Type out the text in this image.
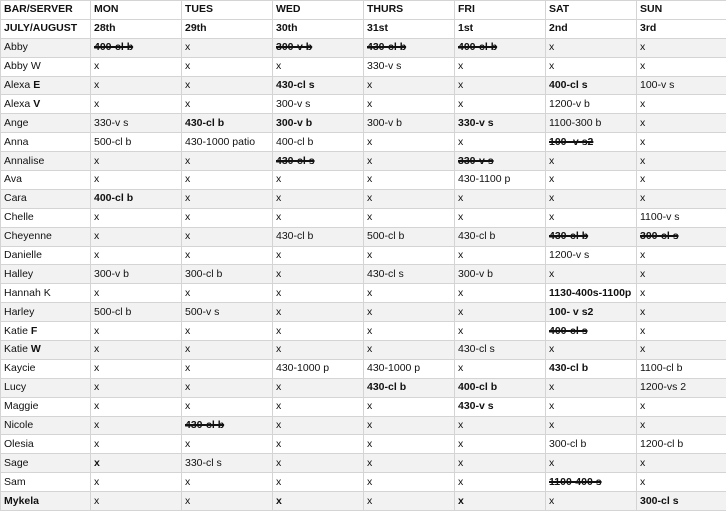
BAR/SERVER	MON	TUES	WED	THURS	FRI	SAT	SUN
JULY/AUGUST	28th	29th	30th	31st	1st	2nd	3rd
Abby	400-cl b	x	300-v b	430-cl b	400-cl b	x	x
Abby W	x	x	x	330-v s	x	x	x
Alexa E	x	x	430-cl s	x	x	400-cl s	100-v s
Alexa V	x	x	300-v s	x	x	1200-v b	x
Ange	330-v s	430-cl b	300-v b	300-v b	330-v s	1100-300 b	x
Anna	500-cl b	430-1000 patio	400-cl b	x	x	100- v s2	x
Annalise	x	x	430-cl s	x	330-v s	x	x
Ava	x	x	x	x	430-1100 p	x	x
Cara	400-cl b	x	x	x	x	x	x
Chelle	x	x	x	x	x	x	1100-v s
Cheyenne	x	x	430-cl b	500-cl b	430-cl b	430-cl b	300-cl s
Danielle	x	x	x	x	x	1200-v s	x
Halley	300-v b	300-cl b	x	430-cl s	300-v b	x	x
Hannah K	x	x	x	x	x	1130-400s-1100p	x
Harley	500-cl b	500-v s	x	x	x	100- v s2	x
Katie F	x	x	x	x	x	400-cl s	x
Katie W	x	x	x	x	430-cl s	x	x
Kaycie	x	x	430-1000 p	430-1000 p	x	430-cl b	1100-cl b
Lucy	x	x	x	430-cl b	400-cl b	x	1200-vs 2
Maggie	x	x	x	x	430-v s	x	x
Nicole	x	430-cl b	x	x	x	x	x
Olesia	x	x	x	x	x	300-cl b	1200-cl b
Sage	x	330-cl s	x	x	x	x	x
Sam	x	x	x	x	x	1100-400 s	x
Mykela	x	x	x	x	x	x	300-cl s
